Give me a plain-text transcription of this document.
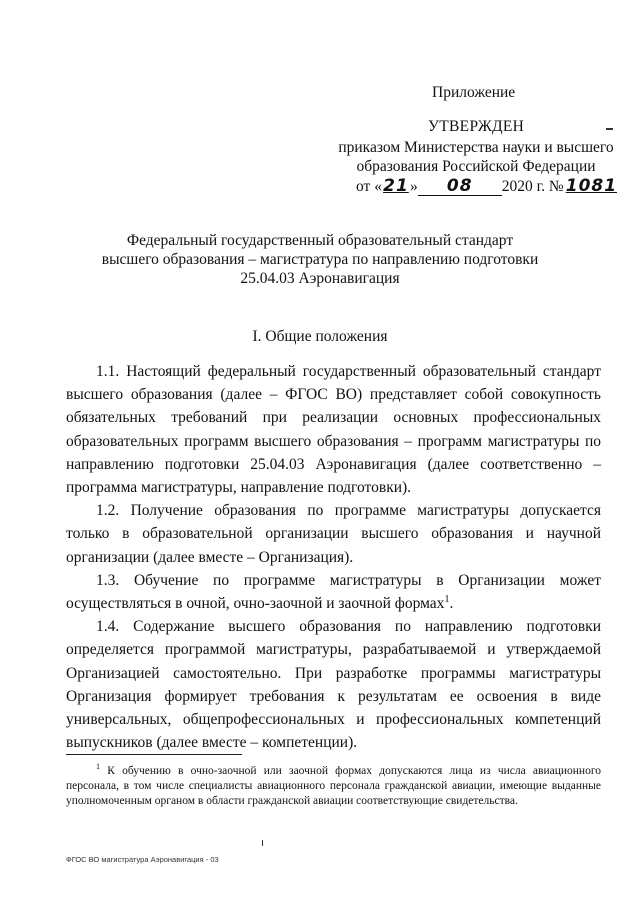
Приложение
УТВЕРЖДЕН
приказом Министерства науки и высшего
образования Российской Федерации
от «21» 08 2020 г. № 1081
Федеральный государственный образовательный стандарт
высшего образования – магистратура по направлению подготовки
25.04.03 Аэронавигация
I. Общие положения

1.1. Настоящий федеральный государственный образовательный стандарт высшего образования (далее – ФГОС ВО) представляет собой совокупность обязательных требований при реализации основных профессиональных образовательных программ высшего образования – программ магистратуры по направлению подготовки 25.04.03 Аэронавигация (далее соответственно – программа магистратуры, направление подготовки).

1.2. Получение образования по программе магистратуры допускается только в образовательной организации высшего образования и научной организации (далее вместе – Организация).

1.3. Обучение по программе магистратуры в Организации может осуществляться в очной, очно-заочной и заочной формах$^1$.

1.4. Содержание высшего образования по направлению подготовки определяется программой магистратуры, разрабатываемой и утверждаемой Организацией самостоятельно. При разработке программы магистратуры Организация формирует требования к результатам ее освоения в виде универсальных, общепрофессиональных и профессиональных компетенций выпускников (далее вместе – компетенции).

$^1$ К обучению в очно-заочной или заочной формах допускаются лица из числа авиационного персонала, в том числе специалисты авиационного персонала гражданской авиации, имеющие выданные уполномоченным органом в области гражданской авиации соответствующие свидетельства.

ФГОС ВО магистратура Аэронавигация - 03
